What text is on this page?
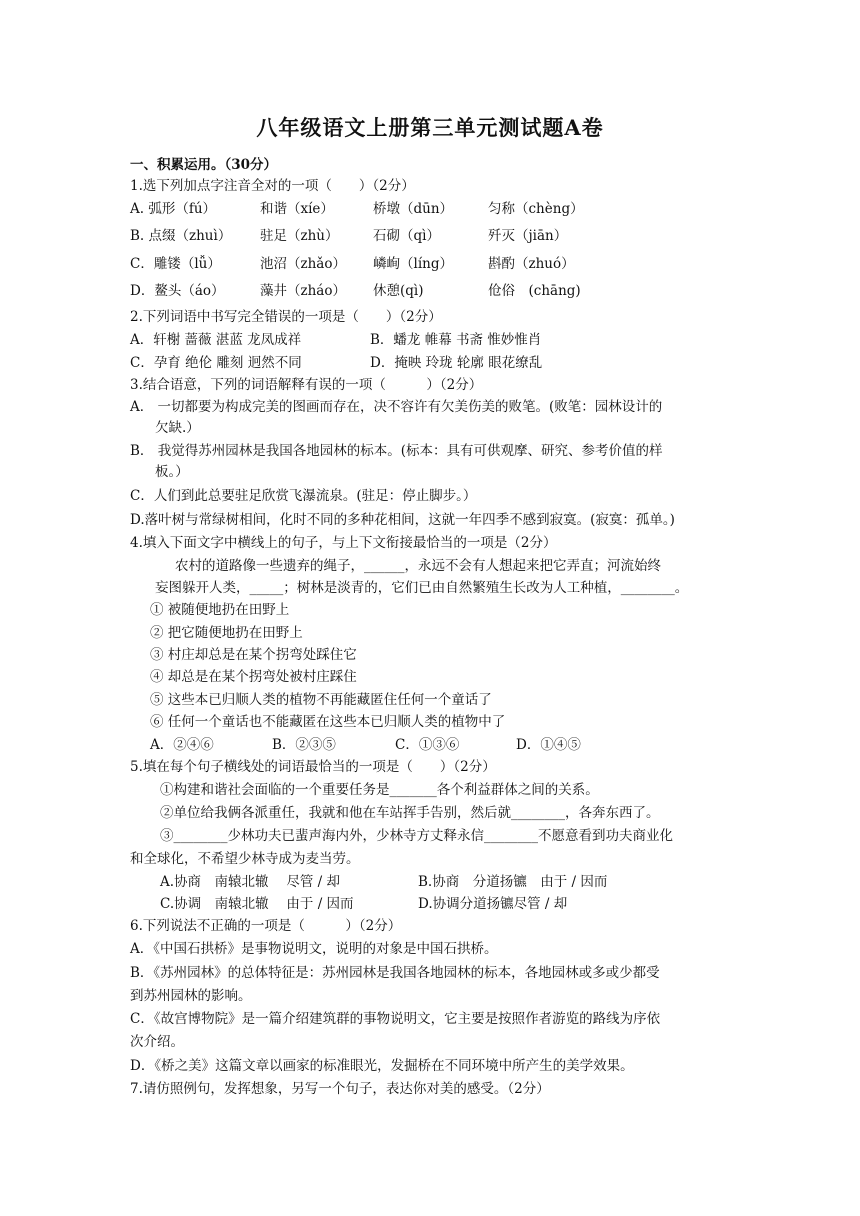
八年级语文上册第三单元测试题A卷
一、积累运用。（30分）
1.选下列加点字注音全对的一项（　　）（2分）
A. 弧形（fú）	和谐（xíe）	桥墩（dūn）	匀称（chèng）
B. 点缀（zhuì） 驻足（zhù）	石砌（qì）	歼灭（jiān）
C．雕镂（lǚ）	池沼（zhǎo） 嶙峋（líng）	斟酌（zhuó）
D．鳌头（áo）	藻井（zháo） 休憩(qì)	伧俗　(chāng)
2.下列词语中书写完全错误的一项是（　　）（2分）
A．轩榭 蔷薇 湛蓝 龙凤成祥	B．蟠龙 帷幕 书斋 惟妙惟肖
C．孕育 绝伦 雕刻 迥然不同	D．掩映 玲珑 轮廓 眼花缭乱
3.结合语意，下列的词语解释有误的一项（　　　）（2分）
A． 一切都要为构成完美的图画而存在，决不容许有欠美伤美的败笔。(败笔：园林设计的
欠缺.）
B． 我觉得苏州园林是我国各地园林的标本。(标本：具有可供观摩、研究、参考价值的样
板。）
C．人们到此总要驻足欣赏飞瀑流泉。(驻足：停止脚步。）
D.落叶树与常绿树相间，化时不同的多种花相间，这就一年四季不感到寂寞。(寂寞：孤单。)
4.填入下面文字中横线上的句子，与上下文衔接最恰当的一项是（2分）
农村的道路像一些遗弃的绳子，______，永远不会有人想起来把它弄直；河流始终
妄图躲开人类，_____；树林是淡青的，它们已由自然繁殖生长改为人工种植，________。
① 被随便地扔在田野上
② 把它随便地扔在田野上
③ 村庄却总是在某个拐弯处踩住它
④ 却总是在某个拐弯处被村庄踩住
⑤ 这些本已归顺人类的植物不再能藏匿住任何一个童话了
⑥ 任何一个童话也不能藏匿在这些本已归顺人类的植物中了
A．②④⑥	B．②③⑤	C．①③⑥	D．①④⑤
5.填在每个句子横线处的词语最恰当的一项是（　　）（2分）
①构建和谐社会面临的一个重要任务是_______各个利益群体之间的关系。
②单位给我俩各派重任，我就和他在车站挥手告别，然后就________，各奔东西了。
③________少林功夫已蜚声海内外，少林寺方丈释永信________不愿意看到功夫商业化
和全球化，不希望少林寺成为麦当劳。
A.协商　南辕北辙　 尽管 / 却	B.协商　分道扬镳　由于 / 因而
C.协调　南辕北辙　 由于 / 因而	D.协调分道扬镳尽管 / 却
6.下列说法不正确的一项是（　　　）（2分）
A．《中国石拱桥》是事物说明文，说明的对象是中国石拱桥。
B．《苏州园林》的总体特征是：苏州园林是我国各地园林的标本，各地园林或多或少都受
到苏州园林的影响。
C．《故宫博物院》是一篇介绍建筑群的事物说明文，它主要是按照作者游览的路线为序依
次介绍。
D．《桥之美》这篇文章以画家的标准眼光，发掘桥在不同环境中所产生的美学效果。
7.请仿照例句，发挥想象，另写一个句子，表达你对美的感受。（2分）
